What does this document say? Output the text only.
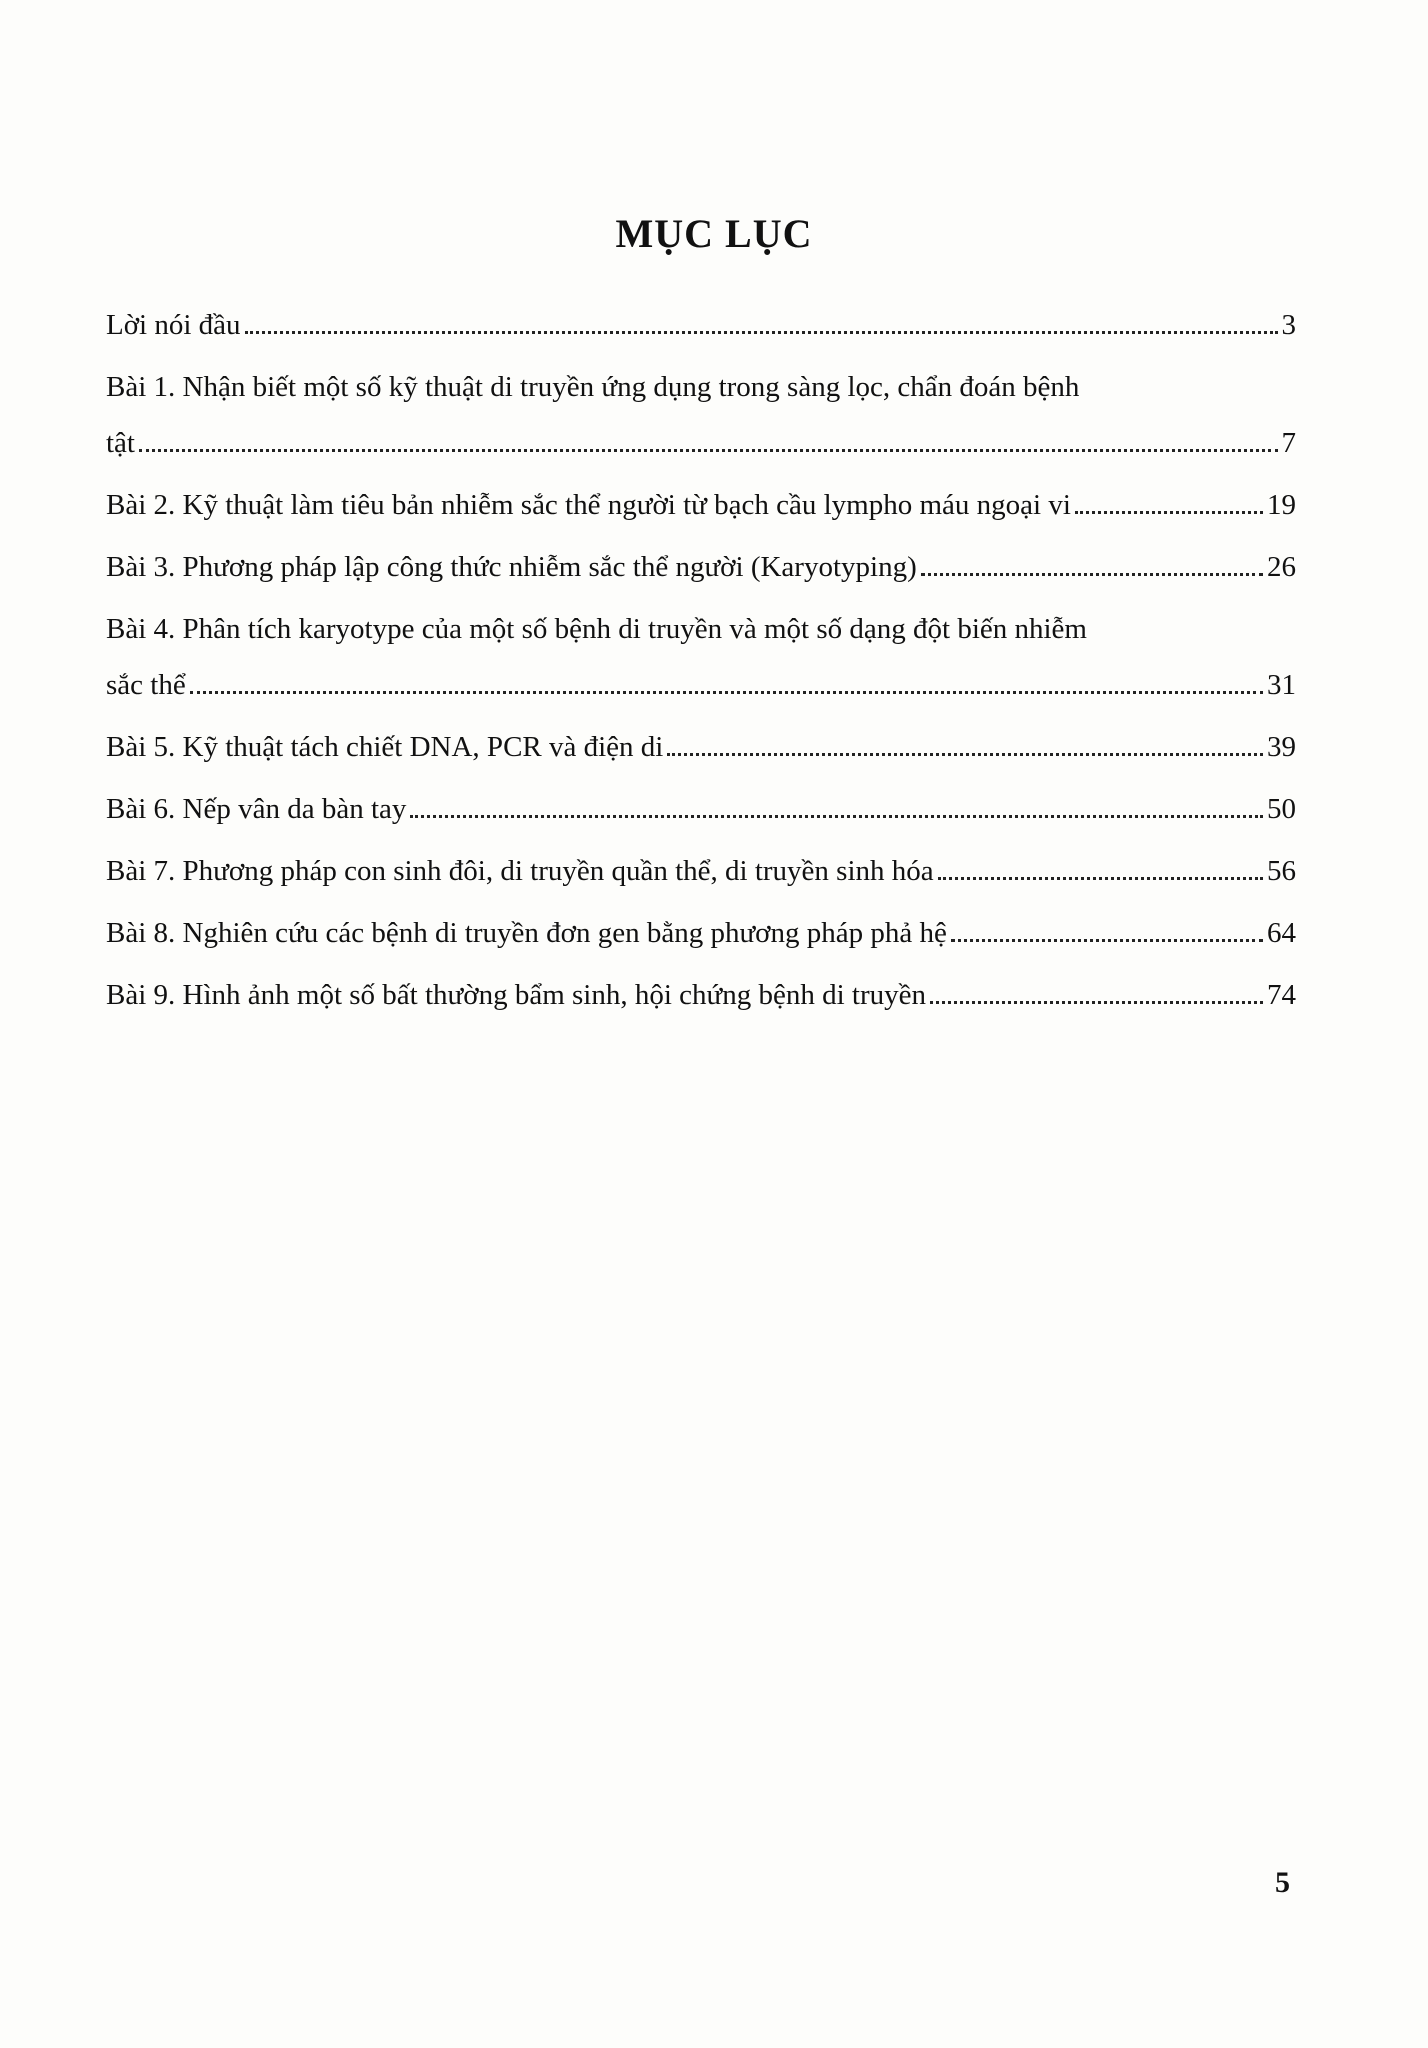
MỤC LỤC
Lời nói đầu	3
Bài 1. Nhận biết một số kỹ thuật di truyền ứng dụng trong sàng lọc, chẩn đoán bệnh
tật	7
Bài 2. Kỹ thuật làm tiêu bản nhiễm sắc thể người từ bạch cầu lympho máu ngoại vi	19
Bài 3. Phương pháp lập công thức nhiễm sắc thể người (Karyotyping)	26
Bài 4. Phân tích karyotype của một số bệnh di truyền và một số dạng đột biến nhiễm
sắc thể	31
Bài 5. Kỹ thuật tách chiết DNA, PCR và điện di	39
Bài 6. Nếp vân da bàn tay	50
Bài 7. Phương pháp con sinh đôi, di truyền quần thể, di truyền sinh hóa	56
Bài 8. Nghiên cứu các bệnh di truyền đơn gen bằng phương pháp phả hệ	64
Bài 9. Hình ảnh một số bất thường bẩm sinh, hội chứng bệnh di truyền	74
5
